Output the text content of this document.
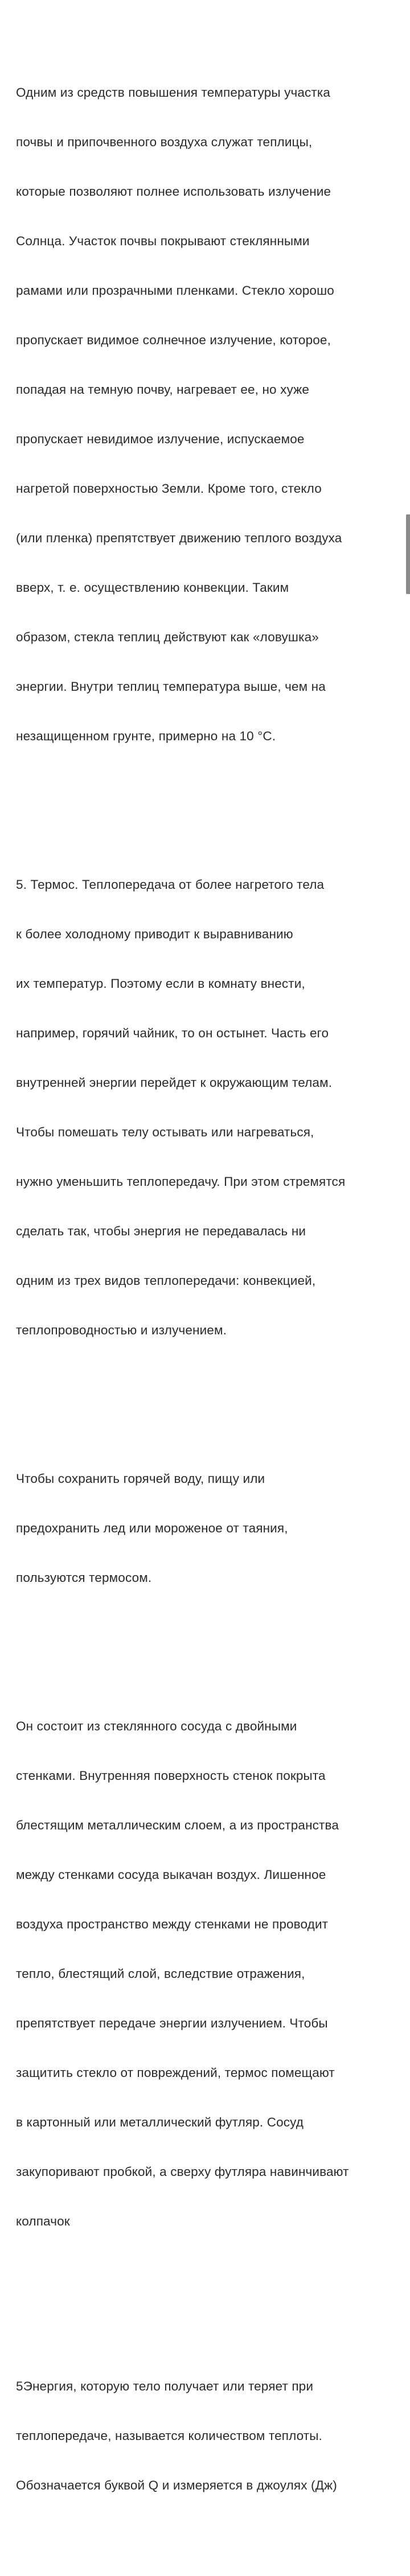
Одним из средств повышения температуры участка

почвы и припочвенного воздуха служат теплицы,

которые позволяют полнее использовать излучение

Солнца. Участок почвы покрывают стеклянными

рамами или прозрачными пленками. Стекло хорошо

пропускает видимое солнечное излучение, которое,

попадая на темную почву, нагревает ее, но хуже

пропускает невидимое излучение, испускаемое

нагретой поверхностью Земли. Кроме того, стекло

(или пленка) препятствует движению теплого воздуха

вверх, т. е. осуществлению конвекции. Таким

образом, стекла теплиц действуют как «ловушка»

энергии. Внутри теплиц температура выше, чем на

незащищенном грунте, примерно на 10 °С.

5. Термос. Теплопередача от более нагретого тела

к более холодному приводит к выравниванию

их температур. Поэтому если в комнату внести,

например, горячий чайник, то он остынет. Часть его

внутренней энергии перейдет к окружающим телам.

Чтобы помешать телу остывать или нагреваться,

нужно уменьшить теплопередачу. При этом стремятся

сделать так, чтобы энергия не передавалась ни

одним из трех видов теплопередачи: конвекцией,

теплопроводностью и излучением.

Чтобы сохранить горячей воду, пищу или

предохранить лед или мороженое от таяния,

пользуются термосом.

Он состоит из стеклянного сосуда с двойными

стенками. Внутренняя поверхность стенок покрыта

блестящим металлическим слоем, а из пространства

между стенками сосуда выкачан воздух. Лишенное

воздуха пространство между стенками не проводит

тепло, блестящий слой, вследствие отражения,

препятствует передаче энергии излучением. Чтобы

защитить стекло от повреждений, термос помещают

в картонный или металлический футляр. Сосуд

закупоривают пробкой, а сверху футляра навинчивают

колпачок

5Энергия, которую тело получает или теряет при

теплопередаче, называется количеством теплоты.

Обозначается буквой Q и измеряется в джоулях (Дж)
